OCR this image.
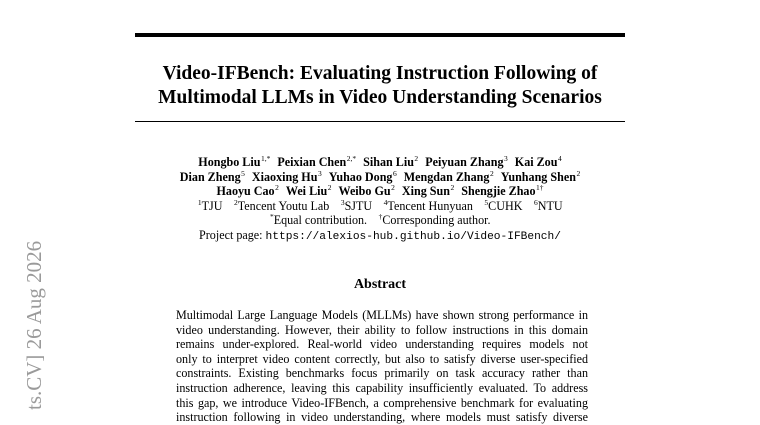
Video-IFBench: Evaluating Instruction Following of
Multimodal LLMs in Video Understanding Scenarios
Hongbo Liu$^{1,*}$ Peixian Chen$^{2,*}$ Sihan Liu$^2$ Peiyuan Zhang$^3$ Kai Zou$^4$
Dian Zheng$^5$ Xiaoxing Hu$^3$ Yuhao Dong$^6$ Mengdan Zhang$^2$ Yunhang Shen$^2$
Haoyu Cao$^2$ Wei Liu$^2$ Weibo Gu$^2$ Xing Sun$^2$ Shengjie Zhao$^{1\dagger}$
$^1$TJU $^2$Tencent Youtu Lab $^3$SJTU $^4$Tencent Hunyuan $^5$CUHK $^6$NTU
*Equal contribution. †Corresponding author.
Project page: https://alexios-hub.github.io/Video-IFBench/
Abstract
Multimodal Large Language Models (MLLMs) have shown strong performance in
video understanding. However, their ability to follow instructions in this domain
remains under-explored. Real-world video understanding requires models not
only to interpret video content correctly, but also to satisfy diverse user-specified
constraints. Existing benchmarks focus primarily on task accuracy rather than
instruction adherence, leaving this capability insufficiently evaluated. To address
this gap, we introduce Video-IFBench, a comprehensive benchmark for evaluating
instruction following in video understanding, where models must satisfy diverse
ts.CV] 26 Aug 2026
